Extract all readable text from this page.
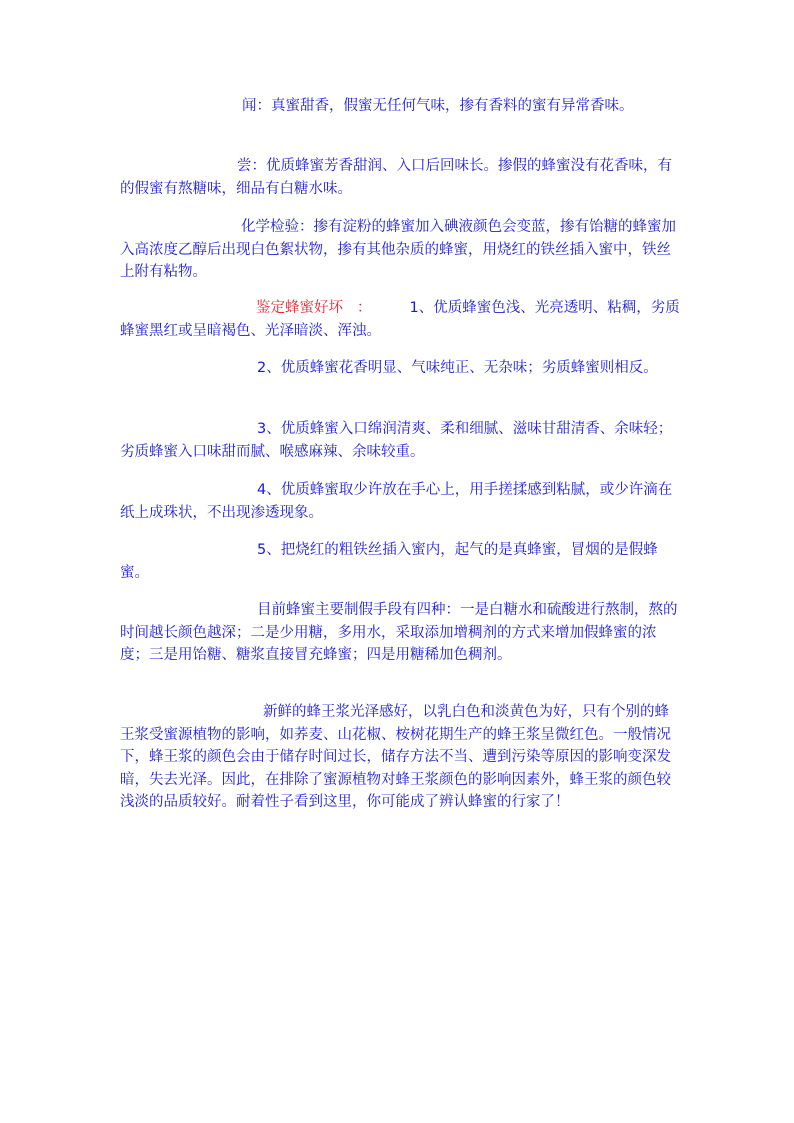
闻：真蜜甜香，假蜜无任何气味，掺有香料的蜜有异常香味。

尝：优质蜂蜜芳香甜润、入口后回味长。掺假的蜂蜜没有花香味，有的假蜜有熬糖味，细品有白糖水味。

化学检验：掺有淀粉的蜂蜜加入碘液颜色会变蓝，掺有饴糖的蜂蜜加入高浓度乙醇后出现白色絮状物，掺有其他杂质的蜂蜜，用烧红的铁丝插入蜜中，铁丝上附有粘物。

鉴定蜂蜜好坏 ：	1、优质蜂蜜色浅、光亮透明、粘稠，劣质蜂蜜黑红或呈暗褐色、光泽暗淡、浑浊。

2、优质蜂蜜花香明显、气味纯正、无杂味；劣质蜂蜜则相反。

3、优质蜂蜜入口绵润清爽、柔和细腻、滋味甘甜清香、余味轻；劣质蜂蜜入口味甜而腻、喉感麻辣、余味较重。

4、优质蜂蜜取少许放在手心上，用手搓揉感到粘腻，或少许滴在纸上成珠状，不出现渗透现象。

5、把烧红的粗铁丝插入蜜内，起气的是真蜂蜜，冒烟的是假蜂蜜。

目前蜂蜜主要制假手段有四种：一是白糖水和硫酸进行熬制，熬的时间越长颜色越深；二是少用糖，多用水，采取添加增稠剂的方式来增加假蜂蜜的浓度；三是用饴糖、糖浆直接冒充蜂蜜；四是用糖稀加色稠剂。

新鲜的蜂王浆光泽感好，以乳白色和淡黄色为好，只有个别的蜂王浆受蜜源植物的影响，如荞麦、山花椒、桉树花期生产的蜂王浆呈微红色。一般情况下，蜂王浆的颜色会由于储存时间过长，储存方法不当、遭到污染等原因的影响变深发暗，失去光泽。因此，在排除了蜜源植物对蜂王浆颜色的影响因素外，蜂王浆的颜色较浅淡的品质较好。耐着性子看到这里，你可能成了辨认蜂蜜的行家了！
